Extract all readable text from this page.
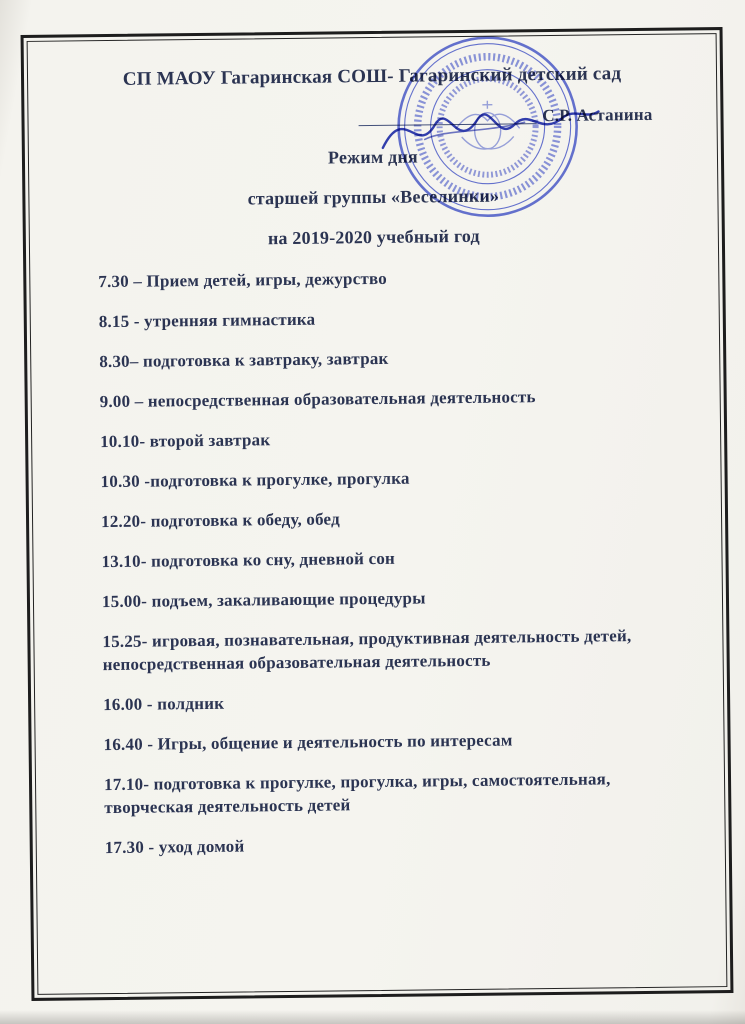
СП МАОУ Гагаринская СОШ- Гагаринский детский сад
С.Р. Астанина
Режим дня
старшей группы «Веселинки»
на 2019-2020 учебный год
7.30 – Прием детей, игры, дежурство
8.15 - утренняя гимнастика
8.30– подготовка к завтраку, завтрак
9.00 – непосредственная образовательная деятельность
10.10- второй завтрак
10.30 -подготовка к прогулке, прогулка
12.20- подготовка к обеду, обед
13.10- подготовка ко сну, дневной сон
15.00- подъем, закаливающие процедуры
15.25- игровая, познавательная, продуктивная деятельность детей, непосредственная образовательная деятельность
16.00 - полдник
16.40 - Игры, общение и деятельность по интересам
17.10- подготовка к прогулке, прогулка, игры, самостоятельная, творческая деятельность детей
17.30 - уход домой
